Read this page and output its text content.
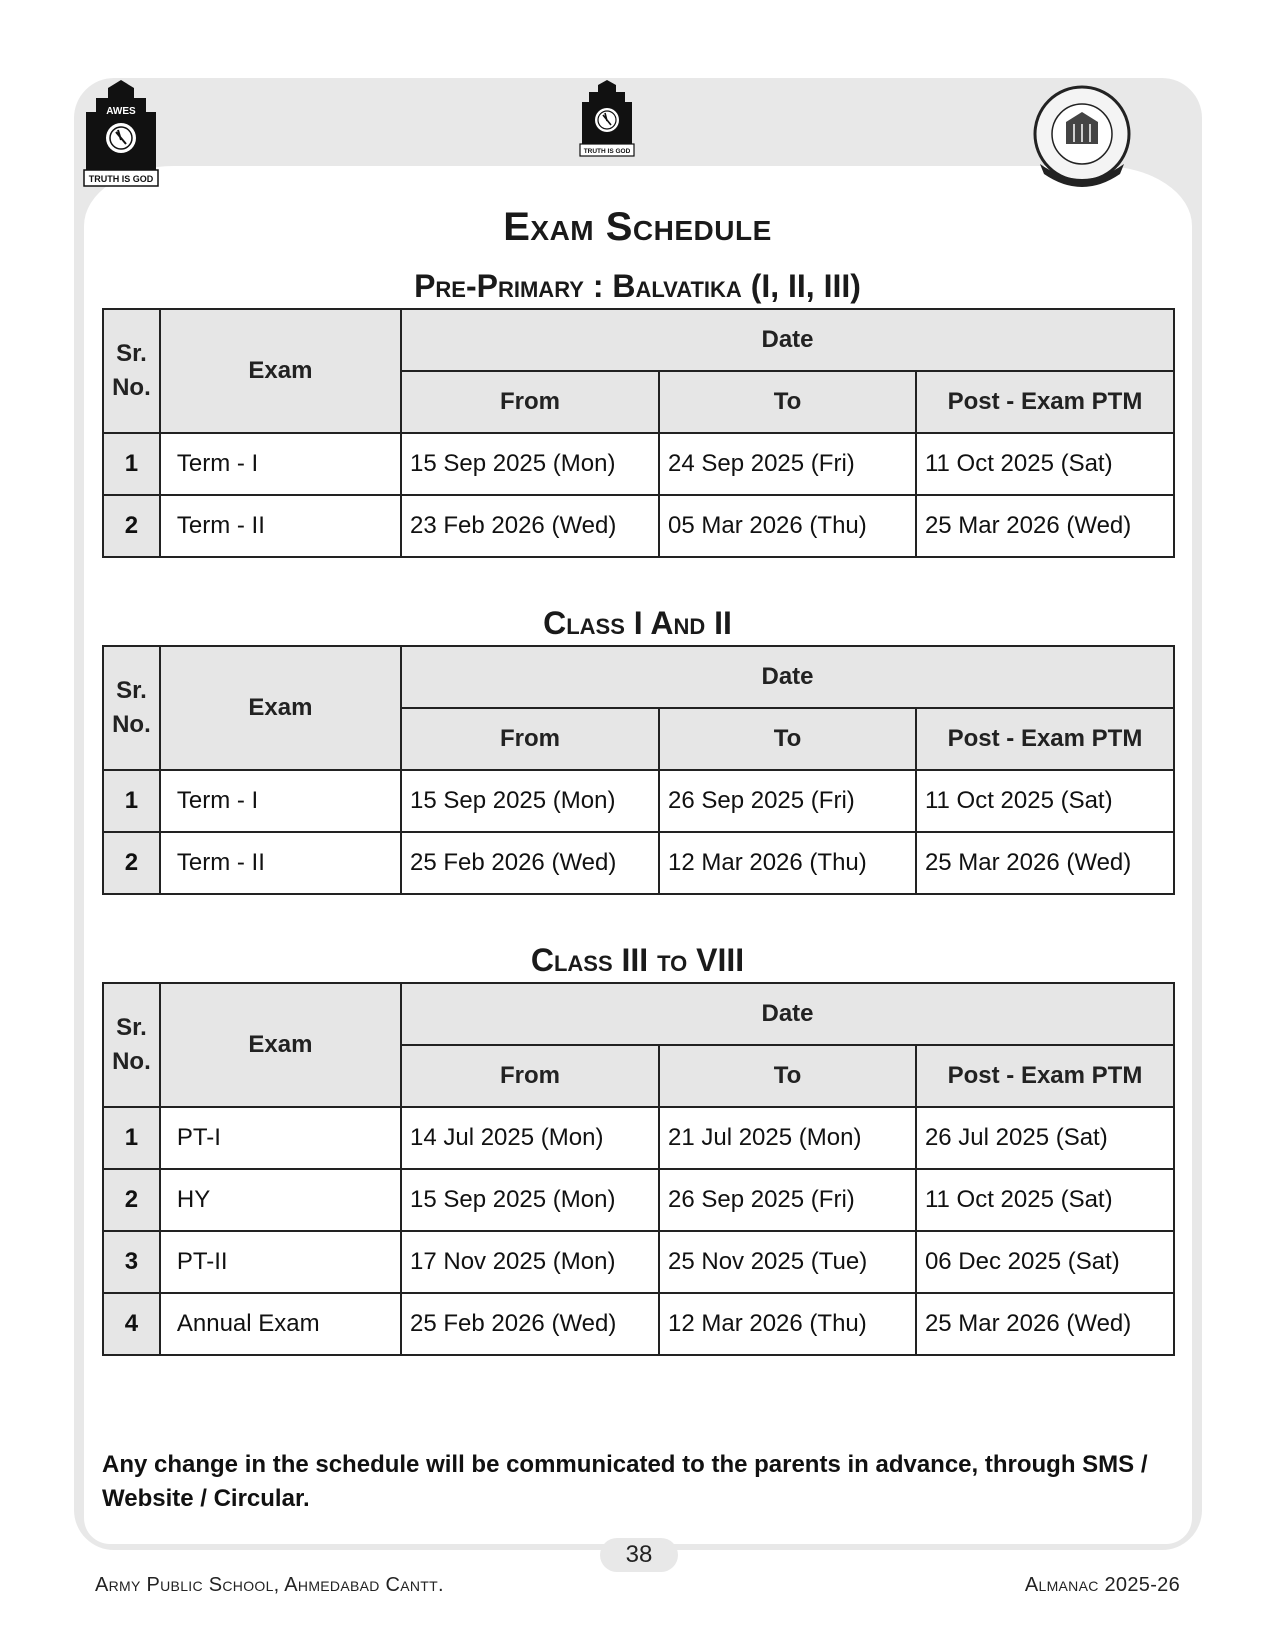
AWES
TRUTH IS GOD
TRUTH IS GOD
Exam Schedule
Pre-Primary : Balvatika (I, II, III)
Sr.
No.	Exam	Date		
		From	To	Post - Exam PTM
1	Term - I	15 Sep 2025 (Mon)	24 Sep 2025 (Fri)	11 Oct 2025 (Sat)
2	Term - II	23 Feb 2026 (Wed)	05 Mar 2026 (Thu)	25 Mar 2026 (Wed)
Class I And II
Sr.
No.	Exam	Date		
		From	To	Post - Exam PTM
1	Term - I	15 Sep 2025 (Mon)	26 Sep 2025 (Fri)	11 Oct 2025 (Sat)
2	Term - II	25 Feb 2026 (Wed)	12 Mar 2026 (Thu)	25 Mar 2026 (Wed)
Class III to VIII
Sr.
No.	Exam	Date		
		From	To	Post - Exam PTM
1	PT-I	14 Jul 2025 (Mon)	21 Jul 2025 (Mon)	26 Jul 2025 (Sat)
2	HY	15 Sep 2025 (Mon)	26 Sep 2025 (Fri)	11 Oct 2025 (Sat)
3	PT-II	17 Nov 2025 (Mon)	25 Nov 2025 (Tue)	06 Dec 2025 (Sat)
4	Annual Exam	25 Feb 2026 (Wed)	12 Mar 2026 (Thu)	25 Mar 2026 (Wed)
Any change in the schedule will be communicated to the parents in advance, through SMS / Website / Circular.
38
Army Public School, Ahmedabad Cantt.	Almanac 2025-26
